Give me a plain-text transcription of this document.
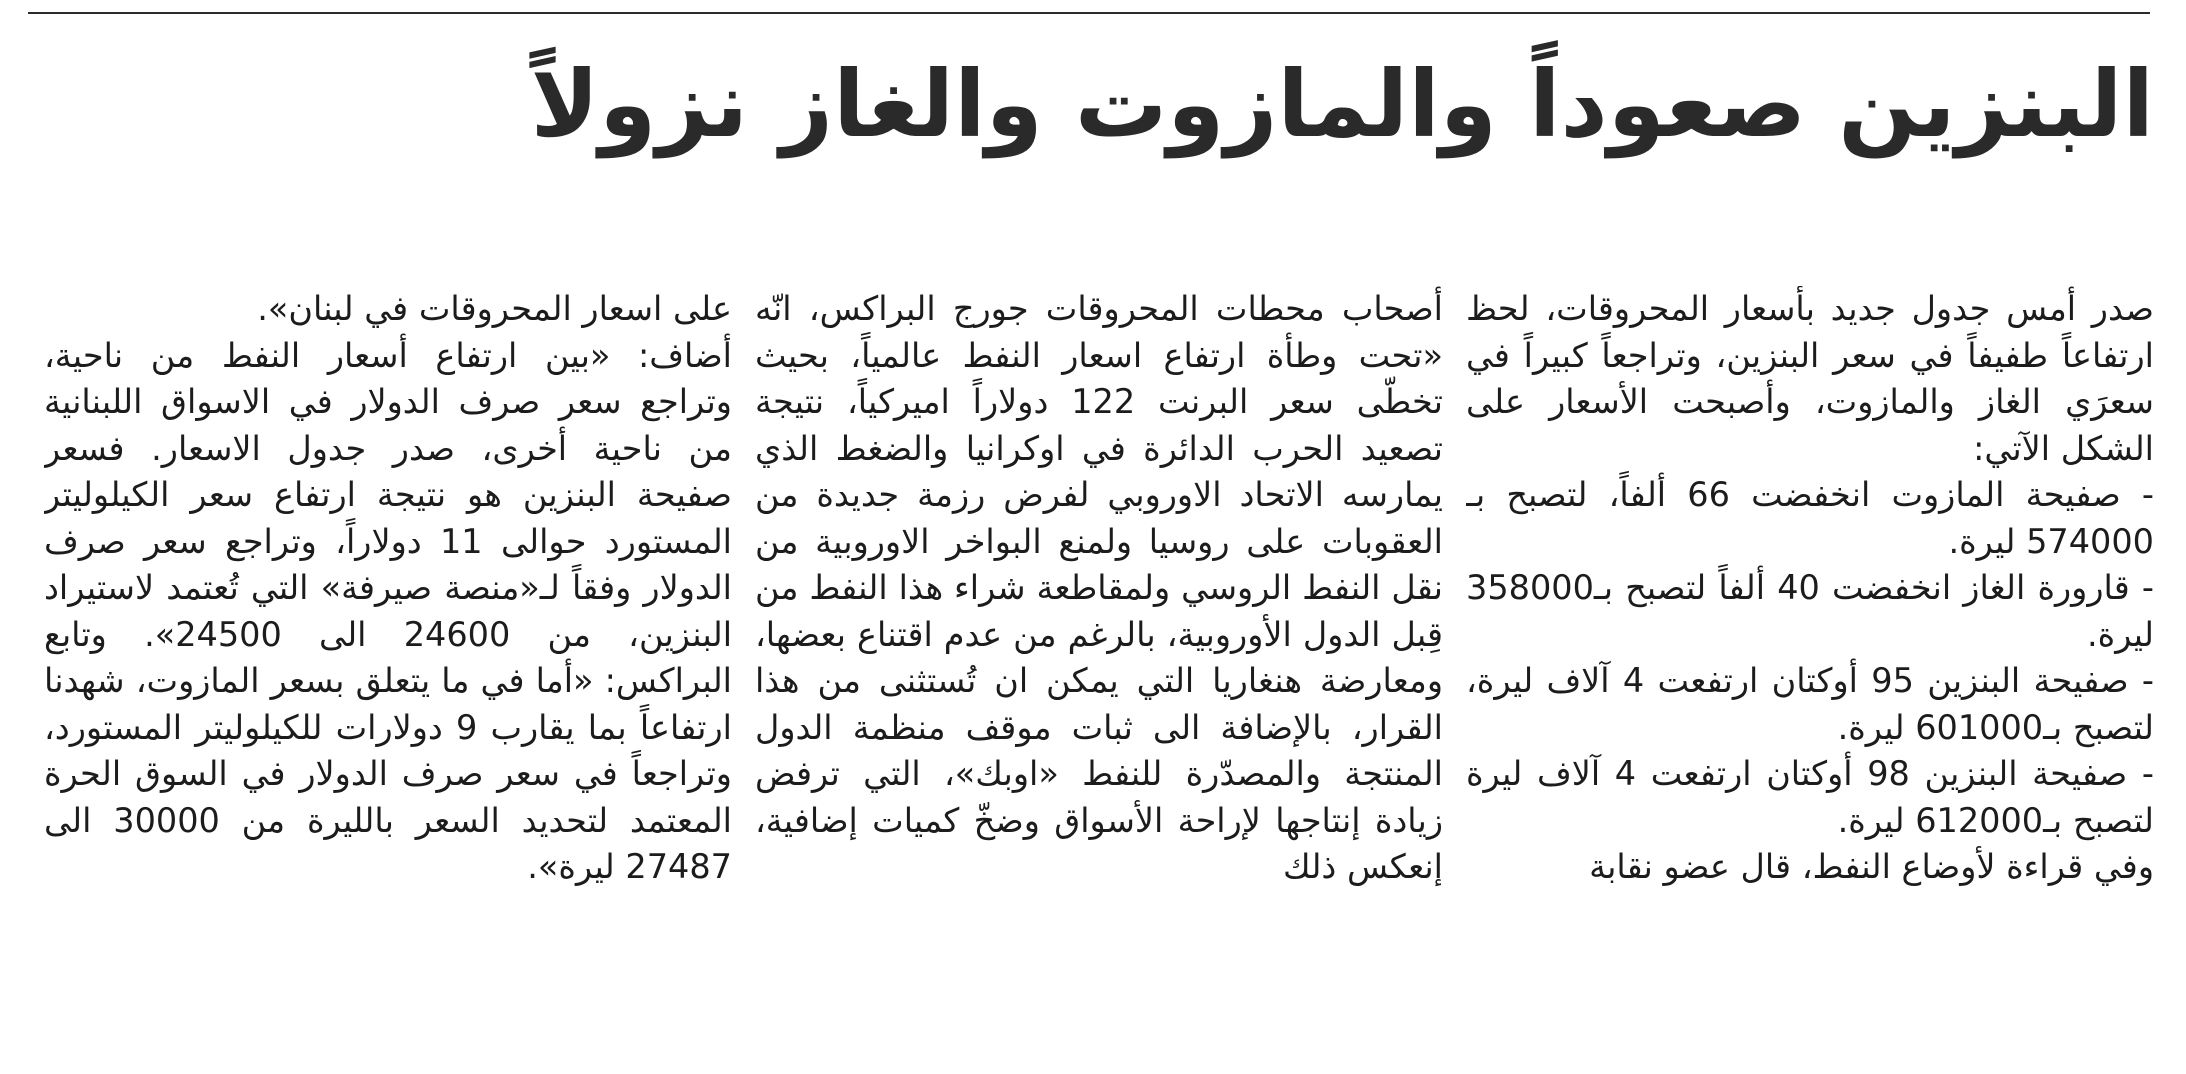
البنزين صعوداً والمازوت والغاز نزولاً

صدر أمس جدول جديد بأسعار المحروقات، لحظ ارتفاعاً طفيفاً في سعر البنزين، وتراجعاً كبيراً في سعرَي الغاز والمازوت، وأصبحت الأسعار على الشكل الآتي:

- صفيحة المازوت انخفضت 66 ألفاً، لتصبح بـ 574000 ليرة.

- قارورة الغاز انخفضت 40 ألفاً لتصبح بـ358000 ليرة.

- صفيحة البنزين 95 أوكتان ارتفعت 4 آلاف ليرة، لتصبح بـ601000 ليرة.

- صفيحة البنزين 98 أوكتان ارتفعت 4 آلاف ليرة لتصبح بـ612000 ليرة.

وفي قراءة لأوضاع النفط، قال عضو نقابة

أصحاب محطات المحروقات جورج البراكس، انّه «تحت وطأة ارتفاع اسعار النفط عالمياً، بحيث تخطّى سعر البرنت 122 دولاراً اميركياً، نتيجة تصعيد الحرب الدائرة في اوكرانيا والضغط الذي يمارسه الاتحاد الاوروبي لفرض رزمة جديدة من العقوبات على روسيا ولمنع البواخر الاوروبية من نقل النفط الروسي ولمقاطعة شراء هذا النفط من قِبل الدول الأوروبية، بالرغم من عدم اقتناع بعضها، ومعارضة هنغاريا التي يمكن ان تُستثنى من هذا القرار، بالإضافة الى ثبات موقف منظمة الدول المنتجة والمصدّرة للنفط «اوبك»، التي ترفض زيادة إنتاجها لإراحة الأسواق وضخّ كميات إضافية، إنعكس ذلك

على اسعار المحروقات في لبنان».

أضاف: «بين ارتفاع أسعار النفط من ناحية، وتراجع سعر صرف الدولار في الاسواق اللبنانية من ناحية أخرى، صدر جدول الاسعار. فسعر صفيحة البنزين هو نتيجة ارتفاع سعر الكيلوليتر المستورد حوالى 11 دولاراً، وتراجع سعر صرف الدولار وفقاً لـ«منصة صيرفة» التي تُعتمد لاستيراد البنزين، من 24600 الى 24500». وتابع البراكس: «أما في ما يتعلق بسعر المازوت، شهدنا ارتفاعاً بما يقارب 9 دولارات للكيلوليتر المستورد، وتراجعاً في سعر صرف الدولار في السوق الحرة المعتمد لتحديد السعر بالليرة من 30000 الى 27487 ليرة».
